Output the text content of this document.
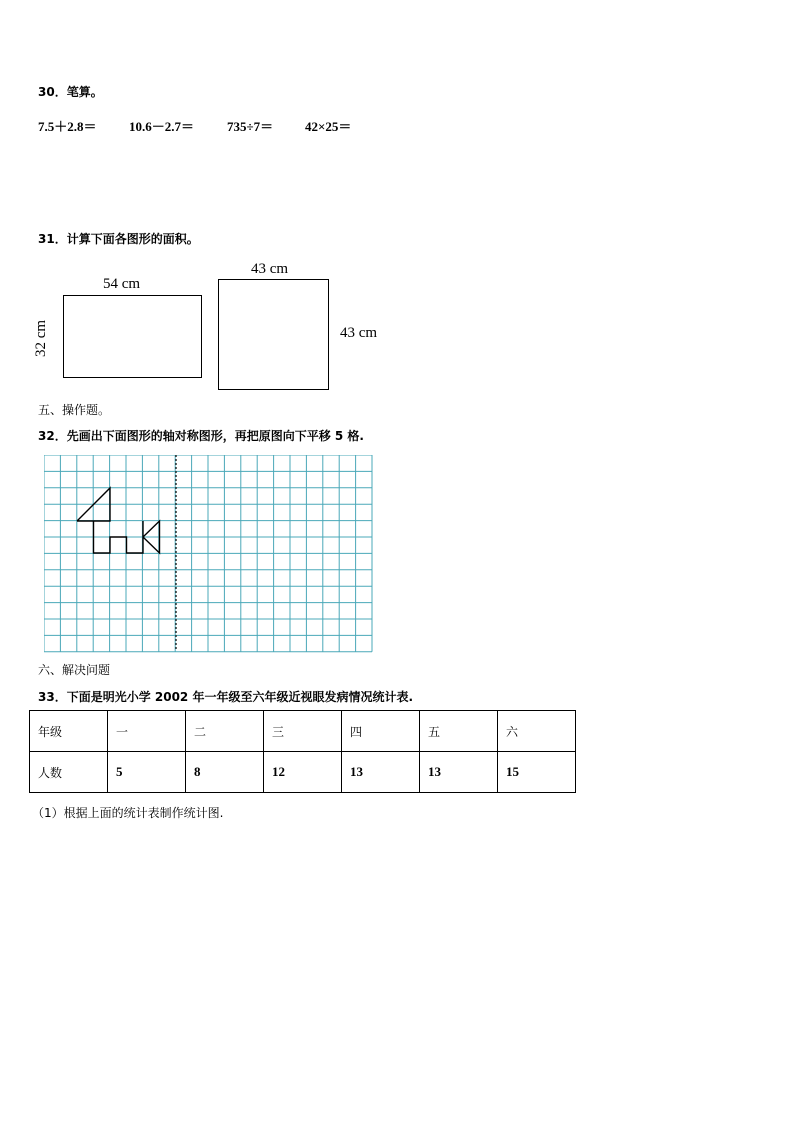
30．笔算。
7.5＋2.8＝ 10.6－2.7＝	735÷7＝ 42×25＝
31．计算下面各图形的面积。
54 cm
32 cm
43 cm
43 cm
五、操作题。
32．先画出下面图形的轴对称图形，再把原图向下平移 5 格.
六、解决问题
33．下面是明光小学 2002 年一年级至六年级近视眼发病情况统计表.
年级	一	二	三	四	五	六
人数	5	8	12	13	13	15
（1）根据上面的统计表制作统计图.
